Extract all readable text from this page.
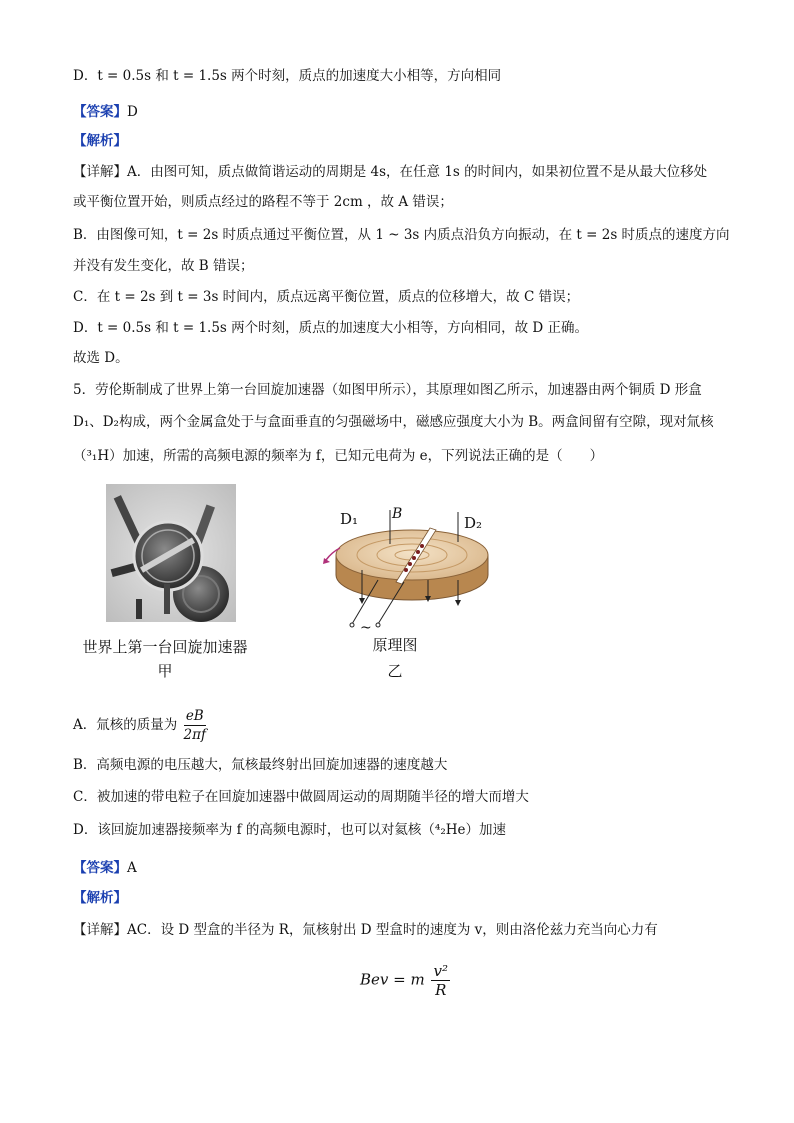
D．t = 0.5s 和 t = 1.5s 两个时刻，质点的加速度大小相等，方向相同
【答案】D
【解析】
【详解】A．由图可知，质点做简谐运动的周期是 4s，在任意 1s 的时间内，如果初位置不是从最大位移处
或平衡位置开始，则质点经过的路程不等于 2cm ，故 A 错误；
B．由图像可知，t = 2s 时质点通过平衡位置，从 1 ~ 3s 内质点沿负方向振动，在 t = 2s 时质点的速度方向
并没有发生变化，故 B 错误；
C．在 t = 2s 到 t = 3s 时间内，质点远离平衡位置，质点的位移增大，故 C 错误；
D．t = 0.5s 和 t = 1.5s 两个时刻，质点的加速度大小相等，方向相同，故 D 正确。
故选 D。
5．劳伦斯制成了世界上第一台回旋加速器（如图甲所示），其原理如图乙所示，加速器由两个铜质 D 形盒
D₁、D₂构成，两个金属盒处于与盒面垂直的匀强磁场中，磁感应强度大小为 B。两盒间留有空隙，现对氚核
（³₁H）加速，所需的高频电源的频率为 f，已知元电荷为 e，下列说法正确的是（　　）
世界上第一台回旋加速器
甲
D₁ B	D₂
~
原理图
乙
A．氚核的质量为 $\frac{eB}{2\pi f}$
B．高频电源的电压越大，氚核最终射出回旋加速器的速度越大
C．被加速的带电粒子在回旋加速器中做圆周运动的周期随半径的增大而增大
D．该回旋加速器接频率为 f 的高频电源时，也可以对氦核（⁴₂He）加速
【答案】A
【解析】
【详解】AC．设 D 型盒的半径为 R，氚核射出 D 型盒时的速度为 v，则由洛伦兹力充当向心力有
Bev = m $\frac{\text{v²}}{R}$
